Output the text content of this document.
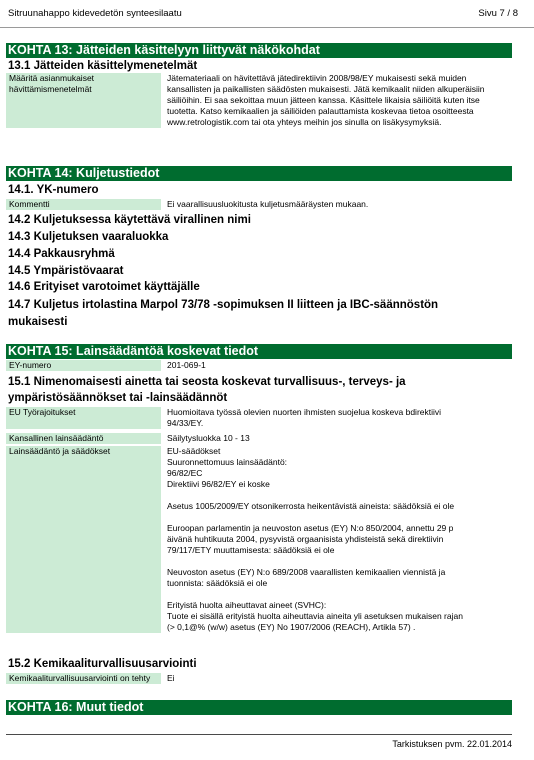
Sitruunahappo kidevedetön synteesilaatu	Sivu 7 / 8
KOHTA 13: Jätteiden käsittelyyn liittyvät näkökohdat
13.1 Jätteiden käsittelymenetelmät
Määritä asianmukaiset
hävittämismenetelmät
Jätemateriaali on hävitettävä jätedirektiivin 2008/98/EY mukaisesti sekä muiden kansallisten ja paikallisten säädösten mukaisesti. Jätä kemikaalit niiden alkuperäisiin säiliöihin. Ei saa sekoittaa muun jätteen kanssa. Käsittele likaisia säiliöitä kuten itse tuotetta. Katso kemikaalien ja säiliöiden palauttamista koskevaa tietoa osoitteesta www.retrologistik.com tai ota yhteys meihin jos sinulla on lisäkysymyksiä.
KOHTA 14: Kuljetustiedot
14.1. YK-numero
Kommentti	Ei vaarallisuusluokitusta kuljetusmääräysten mukaan.
14.2 Kuljetuksessa käytettävä virallinen nimi
14.3 Kuljetuksen vaaraluokka
14.4 Pakkausryhmä
14.5 Ympäristövaarat
14.6 Erityiset varotoimet käyttäjälle
14.7 Kuljetus irtolastina Marpol 73/78 -sopimuksen II liitteen ja IBC-säännöstön
mukaisesti
KOHTA 15: Lainsäädäntöä koskevat tiedot
EY-numero	201-069-1
15.1 Nimenomaisesti ainetta tai seosta koskevat turvallisuus-, terveys- ja
ympäristösäännökset tai -lainsäädännöt
EU Työrajoitukset	Huomioitava työssä olevien nuorten ihmisten suojelua koskeva bdirektiivi

94/33/EY.

Kansallinen lainsäädäntö	Säilytysluokka 10 - 13
Lainsäädäntö ja säädökset	EU-säädökset

Suuronnettomuus lainsäädäntö:

96/82/EC

Direktiivi 96/82/EY ei koske

Asetus 1005/2009/EY otsonikerrosta heikentävistä aineista: säädöksiä ei ole

Euroopan parlamentin ja neuvoston asetus (EY) N:o 850/2004, annettu 29 p

äivänä huhtikuuta 2004, pysyvistä orgaanisista yhdisteistä sekä direktiivin

79/117/ETY muuttamisesta: säädöksiä ei ole

Neuvoston asetus (EY) N:o 689/2008 vaarallisten kemikaalien viennistä ja

tuonnista: säädöksiä ei ole

Erityistä huolta aiheuttavat aineet (SVHC):

Tuote ei sisällä erityistä huolta aiheuttavia aineita yli asetuksen mukaisen rajan

(> 0,1@% (w/w) asetus (EY) No 1907/2006 (REACH), Artikla 57) .

15.2 Kemikaaliturvallisuusarviointi
Kemikaaliturvallisuusarviointi on tehty	Ei
KOHTA 16: Muut tiedot
Tarkistuksen pvm. 22.01.2014
